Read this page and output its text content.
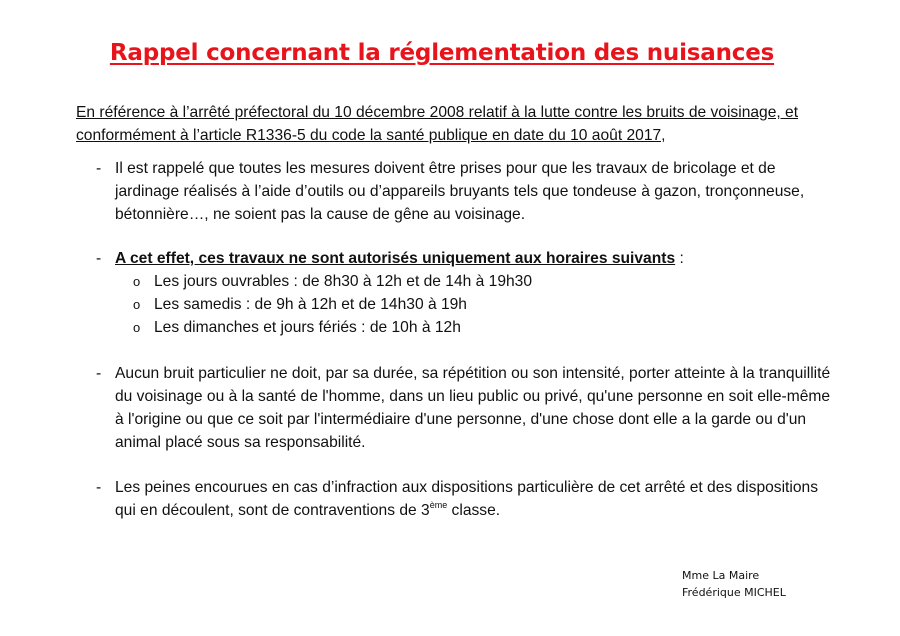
Rappel concernant la réglementation des nuisances

En référence à l’arrêté préfectoral du 10 décembre 2008 relatif à la lutte contre les bruits de voisinage, et conformément à l’article R1336-5 du code la santé publique en date du 10 août 2017,

- Il est rappelé que toutes les mesures doivent être prises pour que les travaux de bricolage et de jardinage réalisés à l’aide d’outils ou d’appareils bruyants tels que tondeuse à gazon, tronçonneuse, bétonnière…, ne soient pas la cause de gêne au voisinage.
- A cet effet, ces travaux ne sont autorisés uniquement aux horaires suivants :
o Les jours ouvrables : de 8h30 à 12h et de 14h à 19h30
o Les samedis : de 9h à 12h et de 14h30 à 19h
o Les dimanches et jours fériés : de 10h à 12h
- Aucun bruit particulier ne doit, par sa durée, sa répétition ou son intensité, porter atteinte à la tranquillité du voisinage ou à la santé de l'homme, dans un lieu public ou privé, qu'une personne en soit elle-même à l'origine ou que ce soit par l'intermédiaire d'une personne, d'une chose dont elle a la garde ou d'un animal placé sous sa responsabilité.
- Les peines encourues en cas d’infraction aux dispositions particulière de cet arrêté et des dispositions qui en découlent, sont de contraventions de 3ème classe.
Mme La Maire
Frédérique MICHEL
